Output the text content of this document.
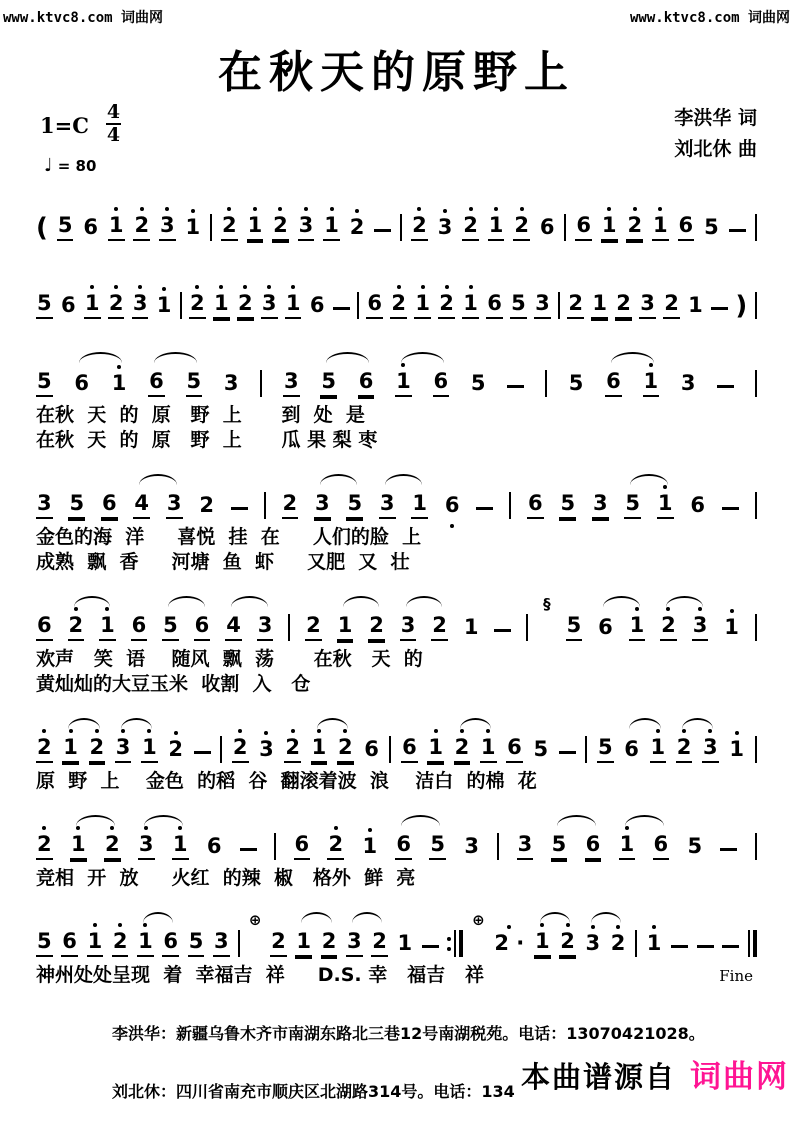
www.ktvc8.com 词曲网	www.ktvc8.com 词曲网
在秋天的原野上
1=C
4
4
♩ = 80
李洪华 词
刘北休 曲
( 5 6 1 2 3 1 2 1 2 3 1 2 2 3 2 1 2 6 6 1 2 1 6 5
5 6 1 2 3 1 2 1 2 3 1 6 6 2 1 2 1 6 5 3 2 1 2 3 2 1 )
5 6 1 6 5 3 3 5 6 1 6 5	5 6 1 3
在秋  天  的  原   野  上      到  处  是
在秋  天  的  原   野  上      瓜 果 梨 枣
3 5 6 4 3 2	2 3 5 3 1 6	6 5 3 5 1 6
金色的海  洋     喜悦  挂  在     人们的脸  上
成熟  飘  香     河塘  鱼  虾     又肥  又  壮
6 2 1 6 5 6 4 3 2 1 2 3 2 1
§
5 6 1 2 3 1
欢声   笑  语    随风  飘  荡      在秋   天  的
黄灿灿的大豆玉米  收割  入   仓
2 1 2 3 1 2 2 3 2 1 2 6 6 1 2 1 6 5 5 6 1 2 3 1
原  野  上    金色  的稻  谷  翻滚着波  浪    洁白  的棉  花
2 1 2 3 1 6	6 2 1 6 5 3 3 5 6 1 6 5
竞相  开  放     火红  的辣  椒   格外  鲜  亮
5 6 1 2 1 6 5 3
⊕
2 1 2 3 2 1
⊕
2
· 1 2 3 2 1
神州处处呈现  着  幸福吉  祥     D.S. 幸   福吉   祥	Fine
李洪华：新疆乌鲁木齐市南湖东路北三巷12号南湖税苑。电话：13070421028。
刘北休：四川省南充市顺庆区北湖路314号。电话：134 本曲谱源自 词曲网
